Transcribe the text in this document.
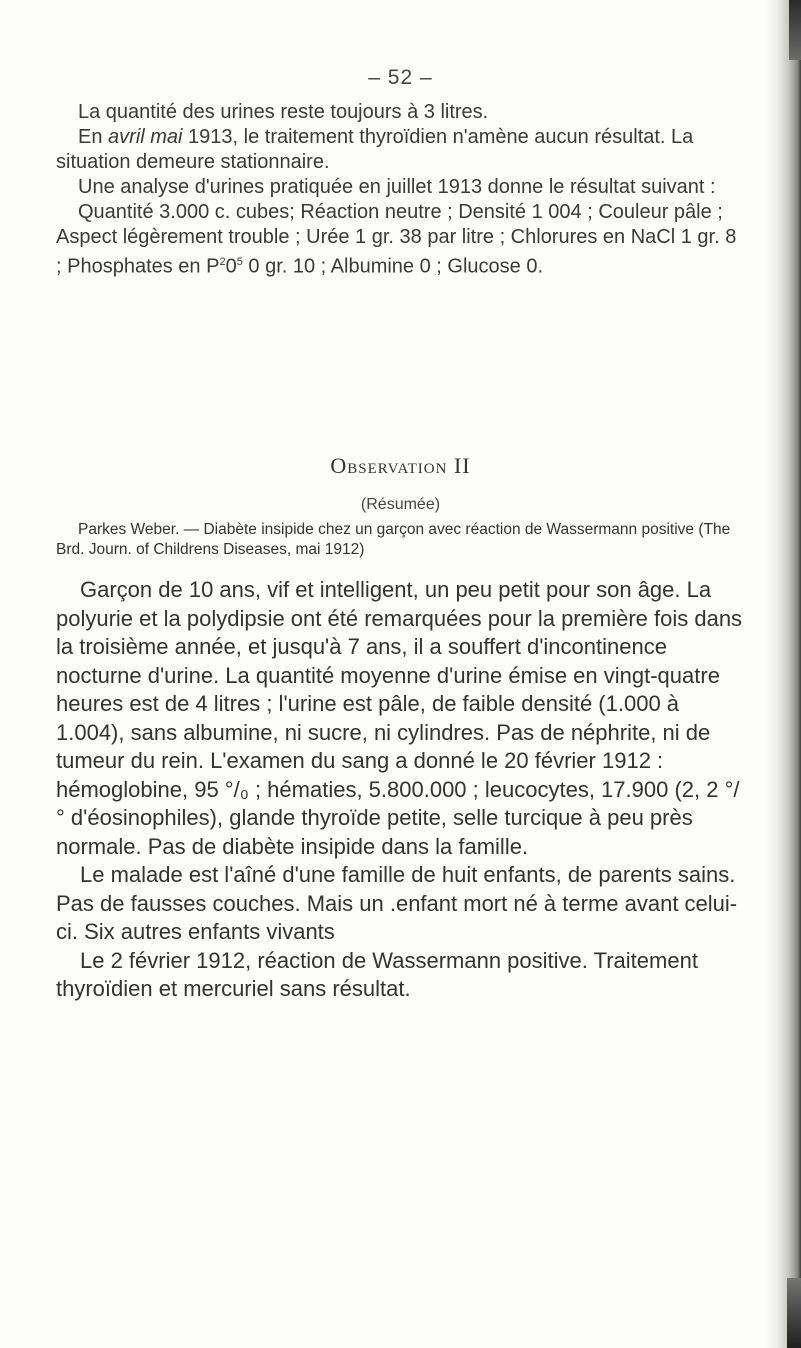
– 52 –

La quantité des urines reste toujours à 3 litres.

En avril mai 1913, le traitement thyroïdien n'amène aucun résultat. La situation demeure stationnaire.

Une analyse d'urines pratiquée en juillet 1913 donne le résultat suivant :

Quantité 3.000 c. cubes; Réaction neutre ; Densité 1 004 ; Couleur pâle ; Aspect légèrement trouble ; Urée 1 gr. 38 par litre ; Chlorures en NaCl 1 gr. 8 ; Phosphates en $P^20^5$ 0 gr. 10 ; Albumine 0 ; Glucose 0.

Observation II
(Résumée)

Parkes Weber. — Diabète insipide chez un garçon avec réaction de Wassermann positive (The Brd. Journ. of Childrens Diseases, mai 1912)

Garçon de 10 ans, vif et intelligent, un peu petit pour son âge. La polyurie et la polydipsie ont été remarquées pour la première fois dans la troisième année, et jusqu'à 7 ans, il a souffert d'incontinence nocturne d'urine. La quantité moyenne d'urine émise en vingt-quatre heures est de 4 litres ; l'urine est pâle, de faible densité (1.000 à 1.004), sans albumine, ni sucre, ni cylindres. Pas de néphrite, ni de tumeur du rein. L'examen du sang a donné le 20 février 1912 : hémoglobine, 95 °/₀ ; hématies, 5.800.000 ; leucocytes, 17.900 (2, 2 °/° d'éosinophiles), glande thyroïde petite, selle turcique à peu près normale. Pas de diabète insipide dans la famille.

Le malade est l'aîné d'une famille de huit enfants, de parents sains. Pas de fausses couches. Mais un .enfant mort né à terme avant celui-ci. Six autres enfants vivants

Le 2 février 1912, réaction de Wassermann positive. Traitement thyroïdien et mercuriel sans résultat.
